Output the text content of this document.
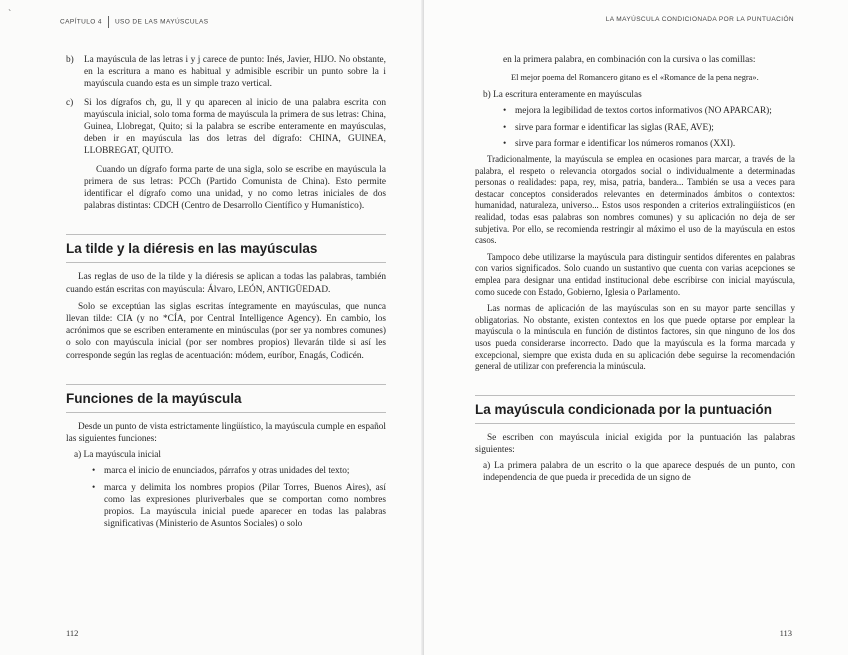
`
CAPÍTULO 4 USO DE LAS MAYÚSCULAS
b) La mayúscula de las letras i y j carece de punto: Inés, Javier, HIJO. No obstante, en la escritura a mano es habitual y admisible escribir un punto sobre la i mayúscula cuando esta es un simple trazo vertical.
c) Si los dígrafos ch, gu, ll y qu aparecen al inicio de una palabra escrita con mayúscula inicial, solo toma forma de mayúscula la primera de sus letras: China, Guinea, Llobregat, Quito; si la palabra se escribe enteramente en mayúsculas, deben ir en mayúscula las dos letras del dígrafo: CHINA, GUINEA, LLOBREGAT, QUITO.

Cuando un dígrafo forma parte de una sigla, solo se escribe en mayúscula la primera de sus letras: PCCh (Partido Comunista de China). Esto permite identificar el dígrafo como una unidad, y no como letras iniciales de dos palabras distintas: CDCH (Centro de Desarrollo Científico y Humanístico).

La tilde y la diéresis en las mayúsculas

Las reglas de uso de la tilde y la diéresis se aplican a todas las palabras, también cuando están escritas con mayúscula: Álvaro, LEÓN, ANTIGÜEDAD.

Solo se exceptúan las siglas escritas íntegramente en mayúsculas, que nunca llevan tilde: CIA (y no *CÍA, por Central Intelligence Agency). En cambio, los acrónimos que se escriben enteramente en minúsculas (por ser ya nombres comunes) o solo con mayúscula inicial (por ser nombres propios) llevarán tilde si así les corresponde según las reglas de acentuación: módem, euríbor, Enagás, Codicén.

Funciones de la mayúscula

Desde un punto de vista estrictamente lingüístico, la mayúscula cumple en español las siguientes funciones:

a) La mayúscula inicial

• marca el inicio de enunciados, párrafos y otras unidades del texto;
• marca y delimita los nombres propios (Pilar Torres, Buenos Aires), así como las expresiones pluriverbales que se comportan como nombres propios. La mayúscula inicial puede aparecer en todas las palabras significativas (Ministerio de Asuntos Sociales) o solo
112
LA MAYÚSCULA CONDICIONADA POR LA PUNTUACIÓN

en la primera palabra, en combinación con la cursiva o las comillas:

El mejor poema del Romancero gitano es el «Romance de la pena negra».

b) La escritura enteramente en mayúsculas

• mejora la legibilidad de textos cortos informativos (NO APARCAR);
• sirve para formar e identificar las siglas (RAE, AVE);
• sirve para formar e identificar los números romanos (XXI).

Tradicionalmente, la mayúscula se emplea en ocasiones para marcar, a través de la palabra, el respeto o relevancia otorgados social o individualmente a determinadas personas o realidades: papa, rey, misa, patria, bandera... También se usa a veces para destacar conceptos considerados relevantes en determinados ámbitos o contextos: humanidad, naturaleza, universo... Estos usos responden a criterios extralingüísticos (en realidad, todas esas palabras son nombres comunes) y su aplicación no deja de ser subjetiva. Por ello, se recomienda restringir al máximo el uso de la mayúscula en estos casos.

Tampoco debe utilizarse la mayúscula para distinguir sentidos diferentes en palabras con varios significados. Solo cuando un sustantivo que cuenta con varias acepciones se emplea para designar una entidad institucional debe escribirse con inicial mayúscula, como sucede con Estado, Gobierno, Iglesia o Parlamento.

Las normas de aplicación de las mayúsculas son en su mayor parte sencillas y obligatorias. No obstante, existen contextos en los que puede optarse por emplear la mayúscula o la minúscula en función de distintos factores, sin que ninguno de los dos usos pueda considerarse incorrecto. Dado que la mayúscula es la forma marcada y excepcional, siempre que exista duda en su aplicación debe seguirse la recomendación general de utilizar con preferencia la minúscula.

La mayúscula condicionada por la puntuación

Se escriben con mayúscula inicial exigida por la puntuación las palabras siguientes:

a) La primera palabra de un escrito o la que aparece después de un punto, con independencia de que pueda ir precedida de un signo de

113
